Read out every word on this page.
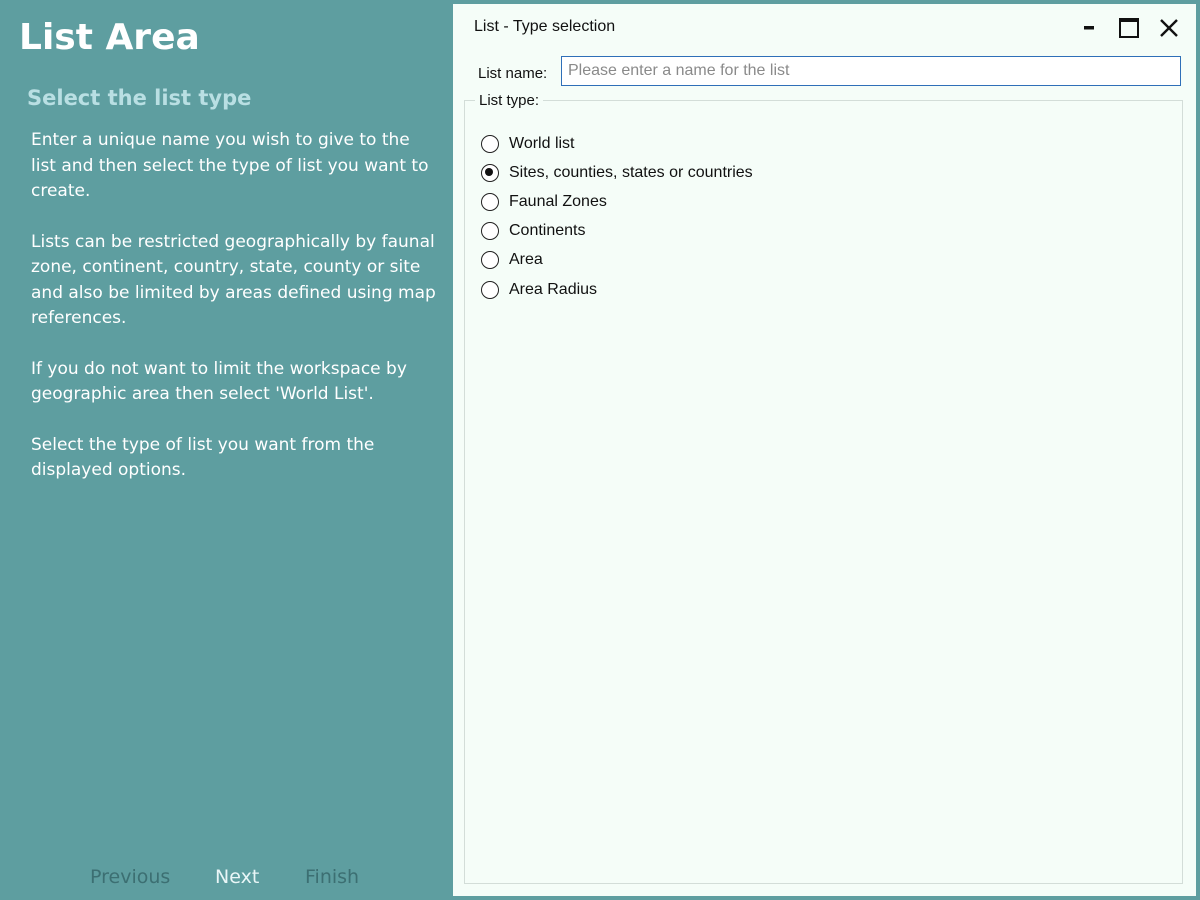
List Area
Select the list type

Enter a unique name you wish to give to the list and then select the type of list you want to create.

Lists can be restricted geographically by faunal zone, continent, country, state, county or site and also be limited by areas defined using map references.

If you do not want to limit the workspace by geographic area then select 'World List'.

Select the type of list you want from the displayed options.

Previous Next Finish
List - Type selection
List name:
Please enter a name for the list
List type:
World list
Sites, counties, states or countries
Faunal Zones
Continents
Area
Area Radius
